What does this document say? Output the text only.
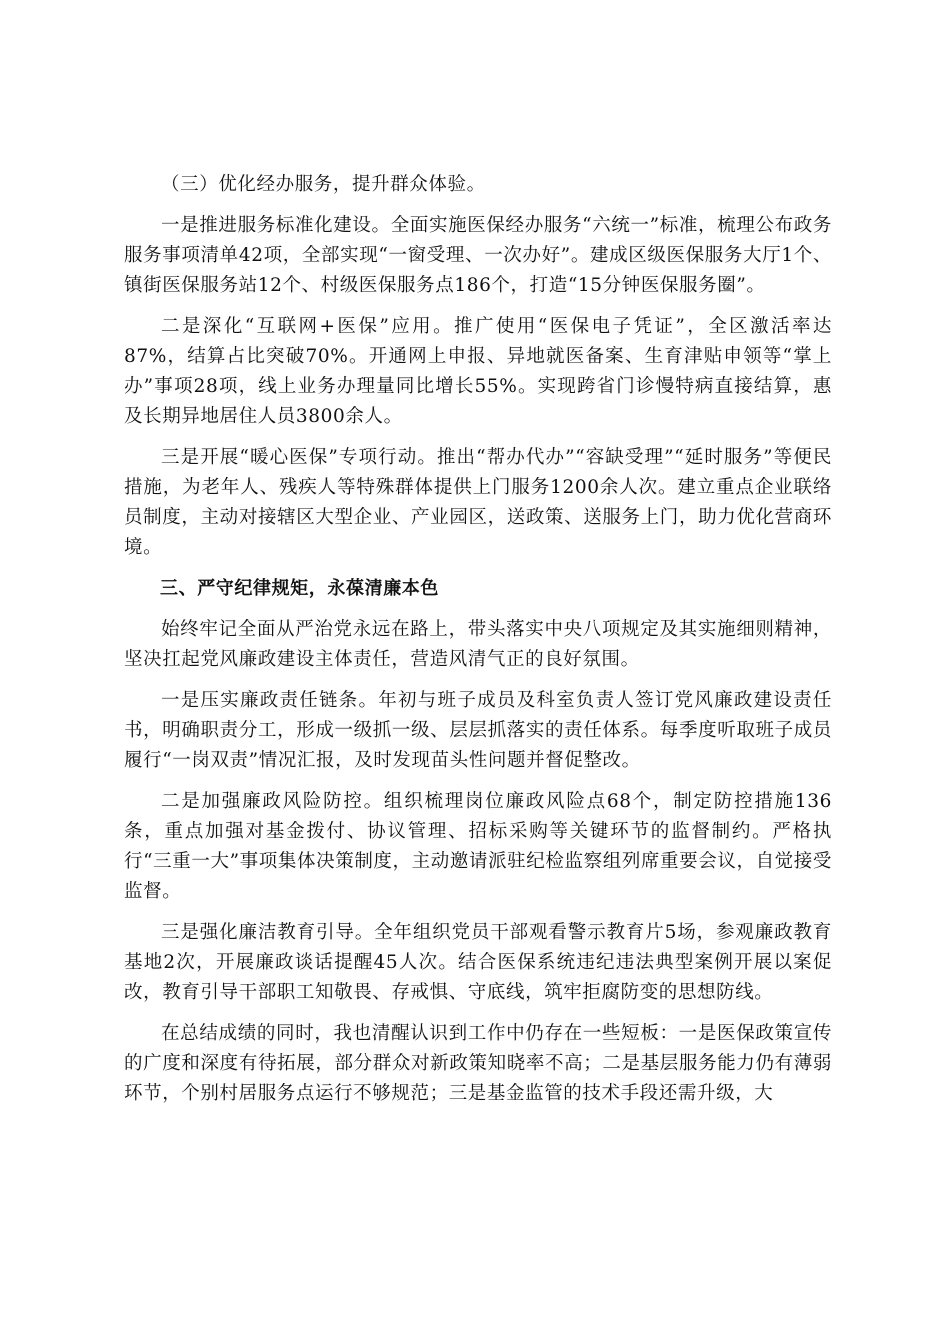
（三）优化经办服务，提升群众体验。

一是推进服务标准化建设。全面实施医保经办服务“六统一”标准，梳理公布政务服务事项清单42项，全部实现“一窗受理、一次办好”。建成区级医保服务大厅1个、镇街医保服务站12个、村级医保服务点186个，打造“15分钟医保服务圈”。

二是深化“互联网+医保”应用。推广使用“医保电子凭证”，全区激活率达87%，结算占比突破70%。开通网上申报、异地就医备案、生育津贴申领等“掌上办”事项28项，线上业务办理量同比增长55%。实现跨省门诊慢特病直接结算，惠及长期异地居住人员3800余人。

三是开展“暖心医保”专项行动。推出“帮办代办”“容缺受理”“延时服务”等便民措施，为老年人、残疾人等特殊群体提供上门服务1200余人次。建立重点企业联络员制度，主动对接辖区大型企业、产业园区，送政策、送服务上门，助力优化营商环境。

三、严守纪律规矩，永葆清廉本色

始终牢记全面从严治党永远在路上，带头落实中央八项规定及其实施细则精神，坚决扛起党风廉政建设主体责任，营造风清气正的良好氛围。

一是压实廉政责任链条。年初与班子成员及科室负责人签订党风廉政建设责任书，明确职责分工，形成一级抓一级、层层抓落实的责任体系。每季度听取班子成员履行“一岗双责”情况汇报，及时发现苗头性问题并督促整改。

二是加强廉政风险防控。组织梳理岗位廉政风险点68个，制定防控措施136条，重点加强对基金拨付、协议管理、招标采购等关键环节的监督制约。严格执行“三重一大”事项集体决策制度，主动邀请派驻纪检监察组列席重要会议，自觉接受监督。

三是强化廉洁教育引导。全年组织党员干部观看警示教育片5场，参观廉政教育基地2次，开展廉政谈话提醒45人次。结合医保系统违纪违法典型案例开展以案促改，教育引导干部职工知敬畏、存戒惧、守底线，筑牢拒腐防变的思想防线。

在总结成绩的同时，我也清醒认识到工作中仍存在一些短板：一是医保政策宣传的广度和深度有待拓展，部分群众对新政策知晓率不高；二是基层服务能力仍有薄弱环节，个别村居服务点运行不够规范；三是基金监管的技术手段还需升级，大
